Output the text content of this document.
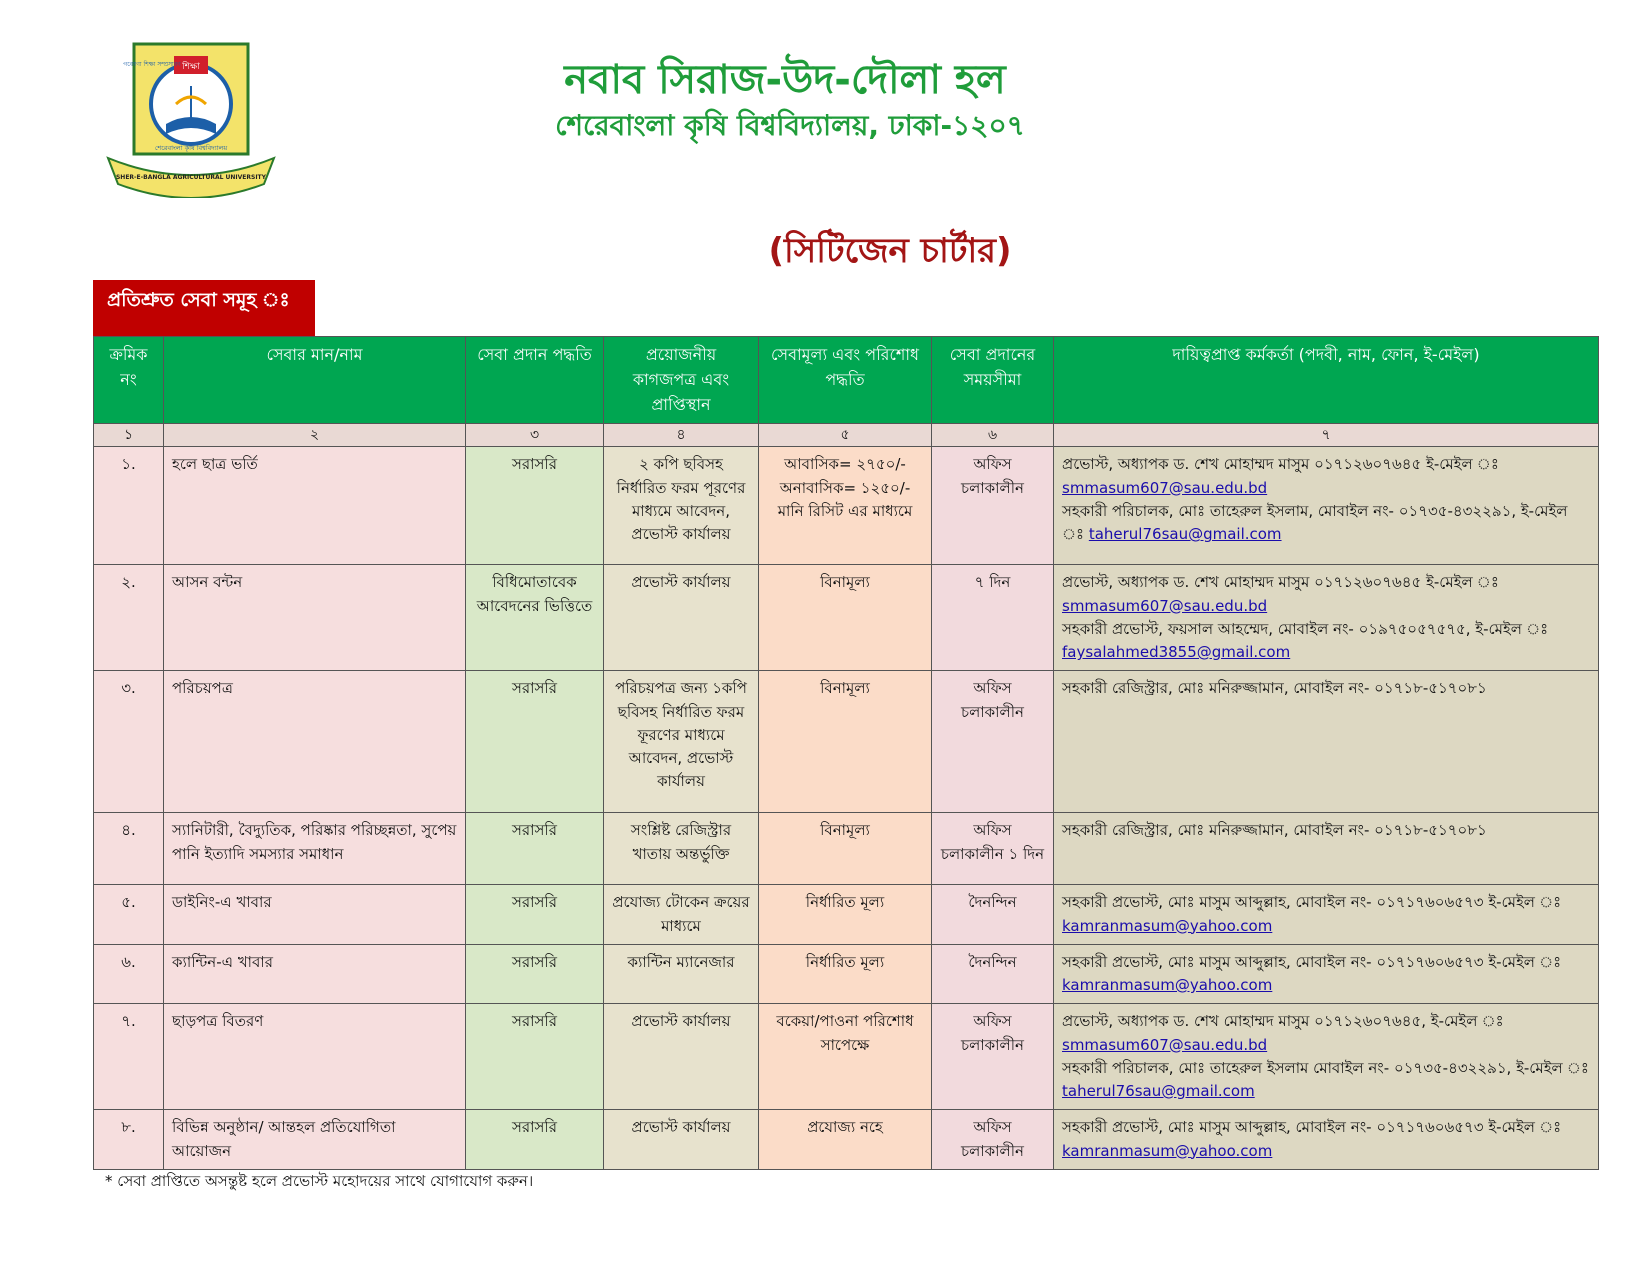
শিক্ষা
গবেষণা শিক্ষা সম্প্রসারণ
শেরেবাংলা কৃষি বিশ্ববিদ্যালয়
SHER-E-BANGLA AGRICULTURAL UNIVERSITY
নবাব সিরাজ-উদ-দৌলা হল
শেরেবাংলা কৃষি বিশ্ববিদ্যালয়, ঢাকা-১২০৭
(সিটিজেন চার্টার)
প্রতিশ্রুত সেবা সমূহ ঃ
ক্রমিক নং	সেবার মান/নাম	সেবা প্রদান পদ্ধতি	প্রয়োজনীয় কাগজপত্র এবং প্রাপ্তিস্থান	সেবামূল্য এবং পরিশোধ পদ্ধতি	সেবা প্রদানের সময়সীমা	দায়িত্বপ্রাপ্ত কর্মকর্তা (পদবী, নাম, ফোন, ই-মেইল)
১	২	৩	৪	৫	৬	৭
১.	হলে ছাত্র ভর্তি	সরাসরি	২ কপি ছবিসহ নির্ধারিত ফরম পূরণের মাধ্যমে আবেদন, প্রভোস্ট কার্যালয়	আবাসিক= ২৭৫০/- অনাবাসিক= ১২৫০/- মানি রিসিট এর মাধ্যমে	অফিস চলাকালীন	প্রভোস্ট, অধ্যাপক ড. শেখ মোহাম্মদ মাসুম ০১৭১২৬০৭৬৪৫ ই-মেইল ঃ smmasum607@sau.edu.bd
সহকারী পরিচালক, মোঃ তাহেরুল ইসলাম, মোবাইল নং- ০১৭৩৫-৪৩২২৯১, ই-মেইল ঃ taherul76sau@gmail.com

২.	আসন বন্টন	বিধিমোতাবেক আবেদনের ভিত্তিতে	প্রভোস্ট কার্যালয়	বিনামূল্য	৭ দিন	প্রভোস্ট, অধ্যাপক ড. শেখ মোহাম্মদ মাসুম ০১৭১২৬০৭৬৪৫ ই-মেইল ঃ smmasum607@sau.edu.bd
সহকারী প্রভোস্ট, ফয়সাল আহম্মেদ, মোবাইল নং- ০১৯৭৫০৫৭৫৭৫, ই-মেইল ঃ faysalahmed3855@gmail.com

৩.	পরিচয়পত্র	সরাসরি	পরিচয়পত্র জন্য ১কপি ছবিসহ নির্ধারিত ফরম ফূরণের মাধ্যমে আবেদন, প্রভোস্ট কার্যালয়	বিনামূল্য	অফিস চলাকালীন	সহকারী রেজিস্ট্রার, মোঃ মনিরুজ্জামান, মোবাইল নং- ০১৭১৮-৫১৭০৮১
৪.	স্যানিটারী, বৈদ্যুতিক, পরিষ্কার পরিচ্ছন্নতা, সুপেয় পানি ইত্যাদি সমস্যার সমাধান	সরাসরি	সংশ্লিষ্ট রেজিস্ট্রার খাতায় অন্তর্ভুক্তি	বিনামূল্য	অফিস চলাকালীন ১ দিন	সহকারী রেজিস্ট্রার, মোঃ মনিরুজ্জামান, মোবাইল নং- ০১৭১৮-৫১৭০৮১
৫.	ডাইনিং-এ খাবার	সরাসরি	প্রযোজ্য টোকেন ক্রয়ের মাধ্যমে	নির্ধারিত মূল্য	দৈনন্দিন	সহকারী প্রভোস্ট, মোঃ মাসুম আব্দুল্লাহ, মোবাইল নং- ০১৭১৭৬০৬৫৭৩ ই-মেইল ঃ kamranmasum@yahoo.com

৬.	ক্যান্টিন-এ খাবার	সরাসরি	ক্যান্টিন ম্যানেজার	নির্ধারিত মূল্য	দৈনন্দিন	সহকারী প্রভোস্ট, মোঃ মাসুম আব্দুল্লাহ, মোবাইল নং- ০১৭১৭৬০৬৫৭৩ ই-মেইল ঃ kamranmasum@yahoo.com

৭.	ছাড়পত্র বিতরণ	সরাসরি	প্রভোস্ট কার্যালয়	বকেয়া/পাওনা পরিশোধ সাপেক্ষে	অফিস চলাকালীন	প্রভোস্ট, অধ্যাপক ড. শেখ মোহাম্মদ মাসুম ০১৭১২৬০৭৬৪৫, ই-মেইল ঃ smmasum607@sau.edu.bd
সহকারী পরিচালক, মোঃ তাহেরুল ইসলাম মোবাইল নং- ০১৭৩৫-৪৩২২৯১, ই-মেইল ঃ taherul76sau@gmail.com

৮.	বিভিন্ন অনুষ্ঠান/ আন্তহল প্রতিযোগিতা আয়োজন	সরাসরি	প্রভোস্ট কার্যালয়	প্রযোজ্য নহে	অফিস চলাকালীন	সহকারী প্রভোস্ট, মোঃ মাসুম আব্দুল্লাহ, মোবাইল নং- ০১৭১৭৬০৬৫৭৩ ই-মেইল ঃ kamranmasum@yahoo.com

* সেবা প্রাপ্তিতে অসন্তুষ্ট হলে প্রভোস্ট মহোদয়ের সাথে যোগাযোগ করুন।
